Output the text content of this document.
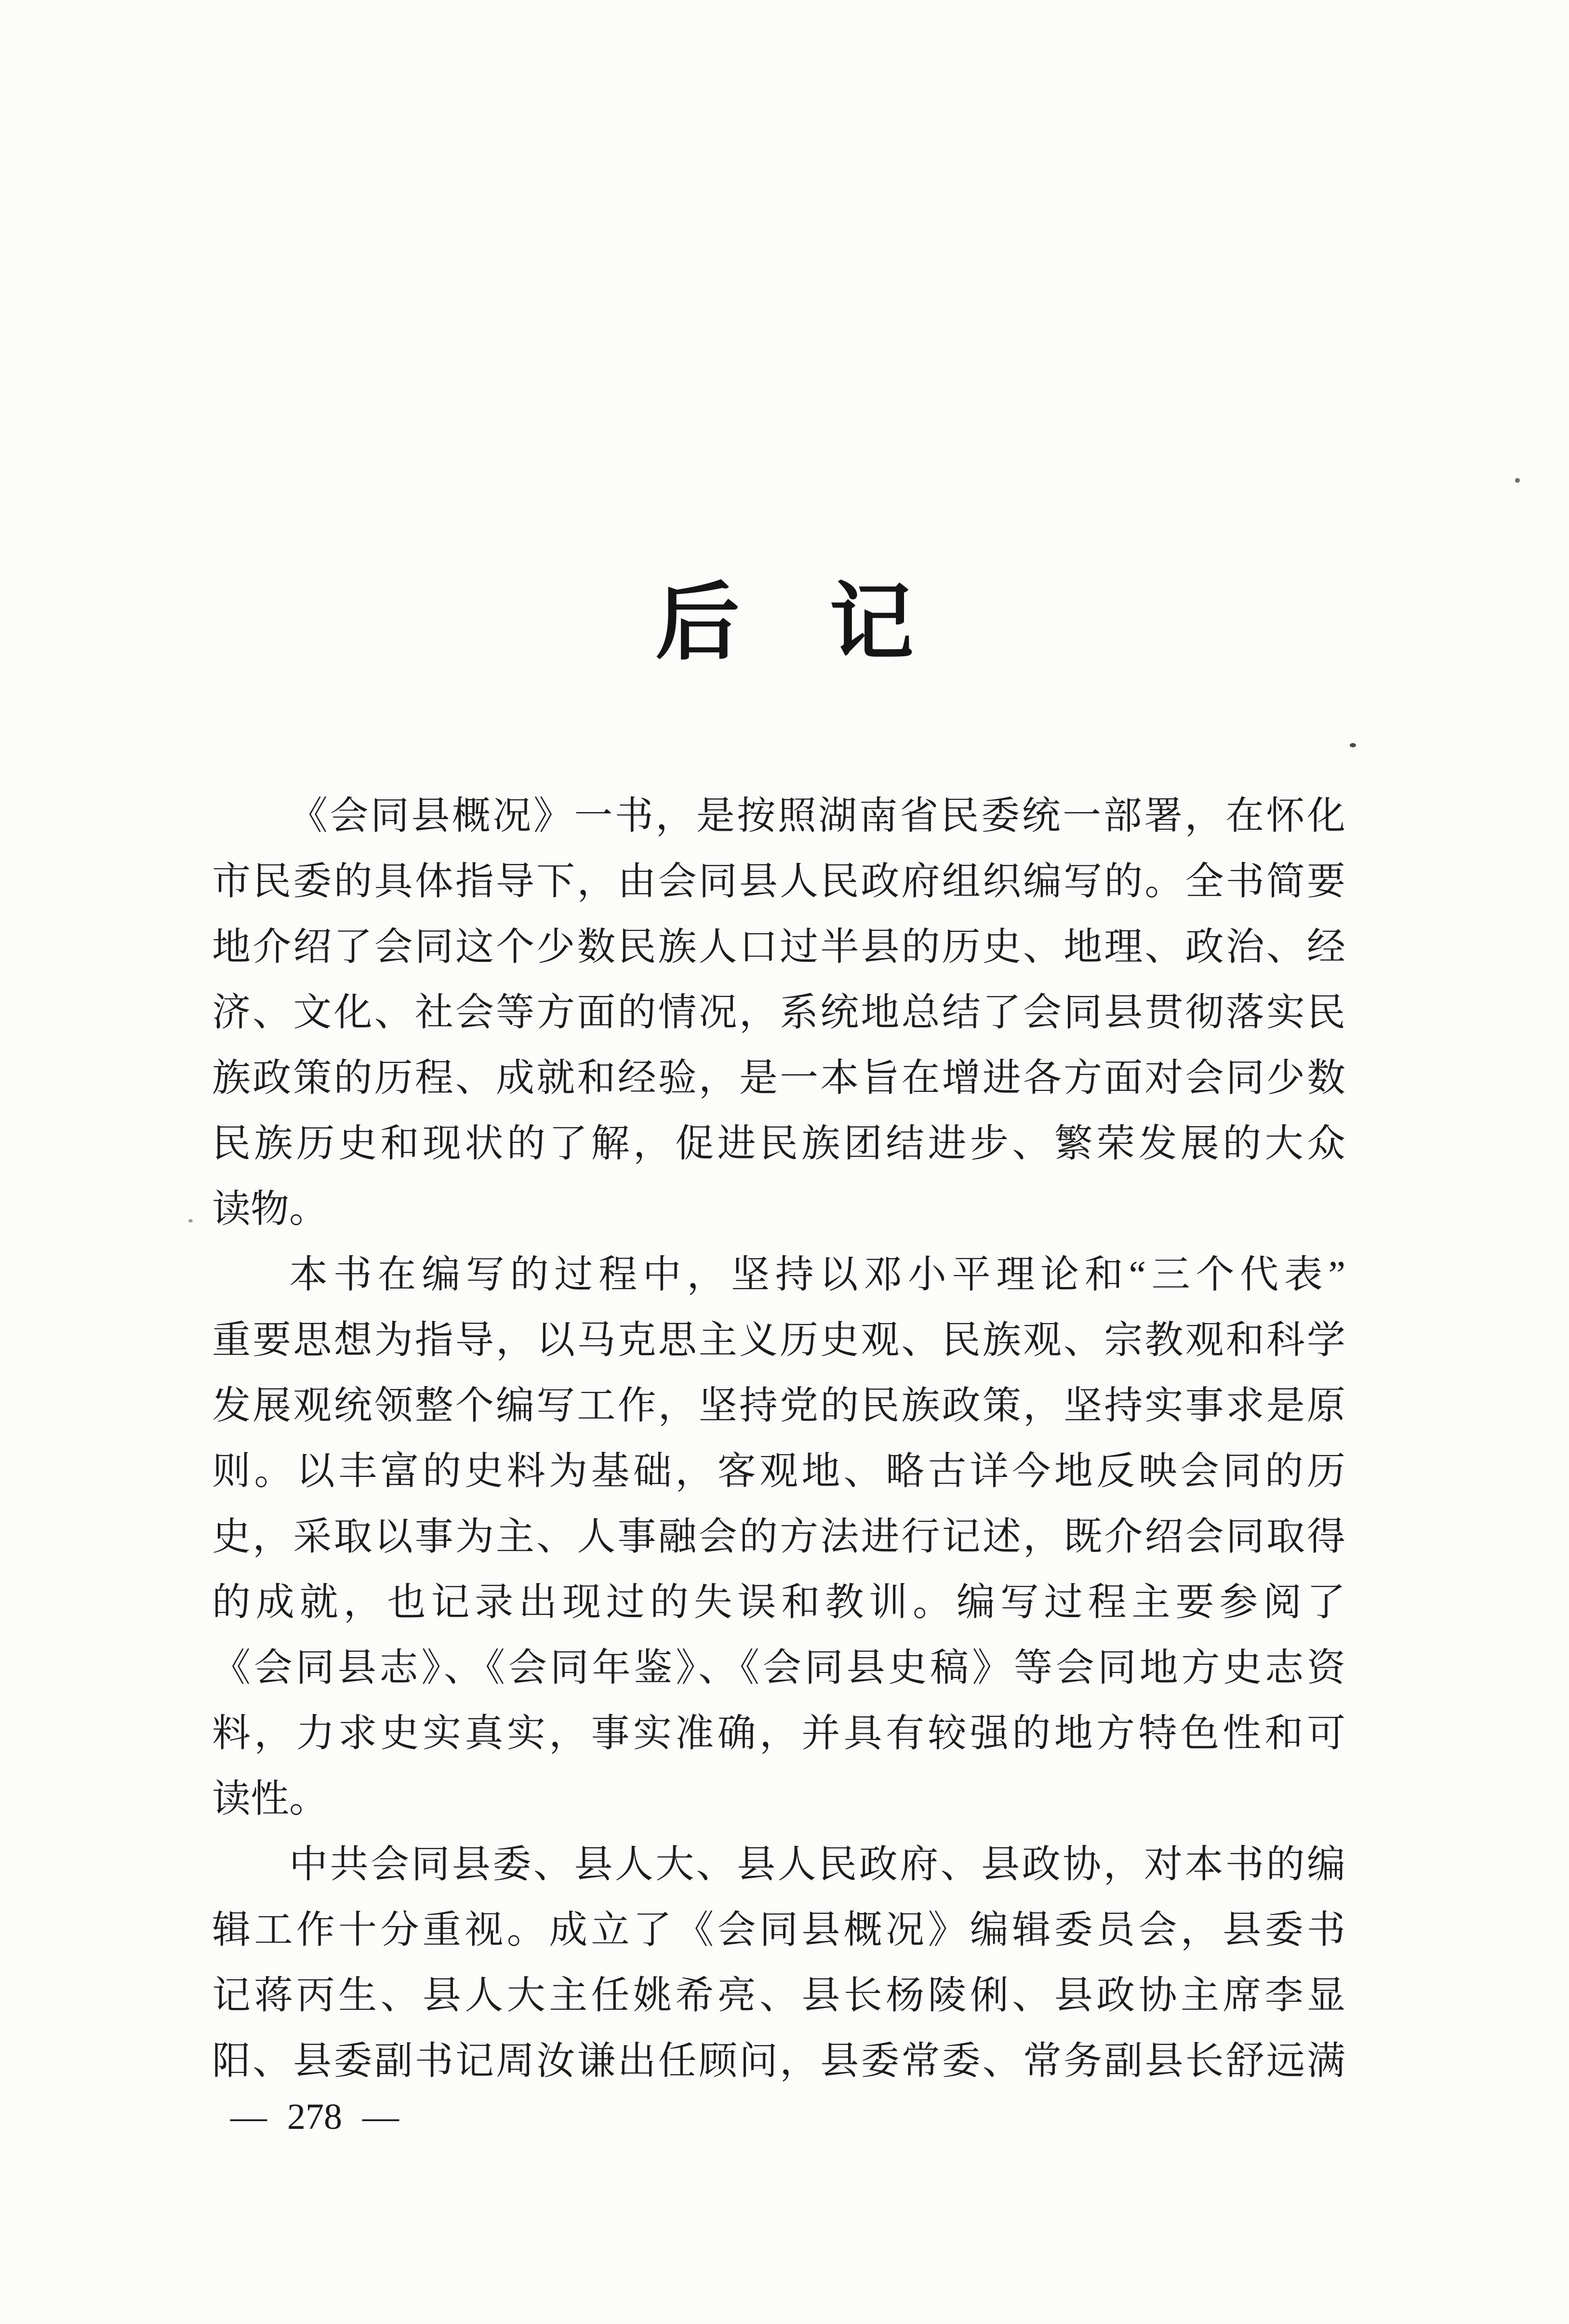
后 记
《会同县概况》一书，是按照湖南省民委统一部署，在怀化
市民委的具体指导下，由会同县人民政府组织编写的。全书简要
地介绍了会同这个少数民族人口过半县的历史、地理、政治、经
济、文化、社会等方面的情况，系统地总结了会同县贯彻落实民
族政策的历程、成就和经验，是一本旨在增进各方面对会同少数
民族历史和现状的了解，促进民族团结进步、繁荣发展的大众
读物。
本书在编写的过程中，坚持以邓小平理论和“三个代表”
重要思想为指导，以马克思主义历史观、民族观、宗教观和科学
发展观统领整个编写工作，坚持党的民族政策，坚持实事求是原
则。以丰富的史料为基础，客观地、略古详今地反映会同的历
史，采取以事为主、人事融会的方法进行记述，既介绍会同取得
的成就，也记录出现过的失误和教训。编写过程主要参阅了
《会同县志》、《会同年鉴》、《会同县史稿》等会同地方史志资
料，力求史实真实，事实准确，并具有较强的地方特色性和可
读性。
中共会同县委、县人大、县人民政府、县政协，对本书的编
辑工作十分重视。成立了《会同县概况》编辑委员会，县委书
记蒋丙生、县人大主任姚希亮、县长杨陵俐、县政协主席李显
阳、县委副书记周汝谦出任顾问，县委常委、常务副县长舒远满
— 278 —
